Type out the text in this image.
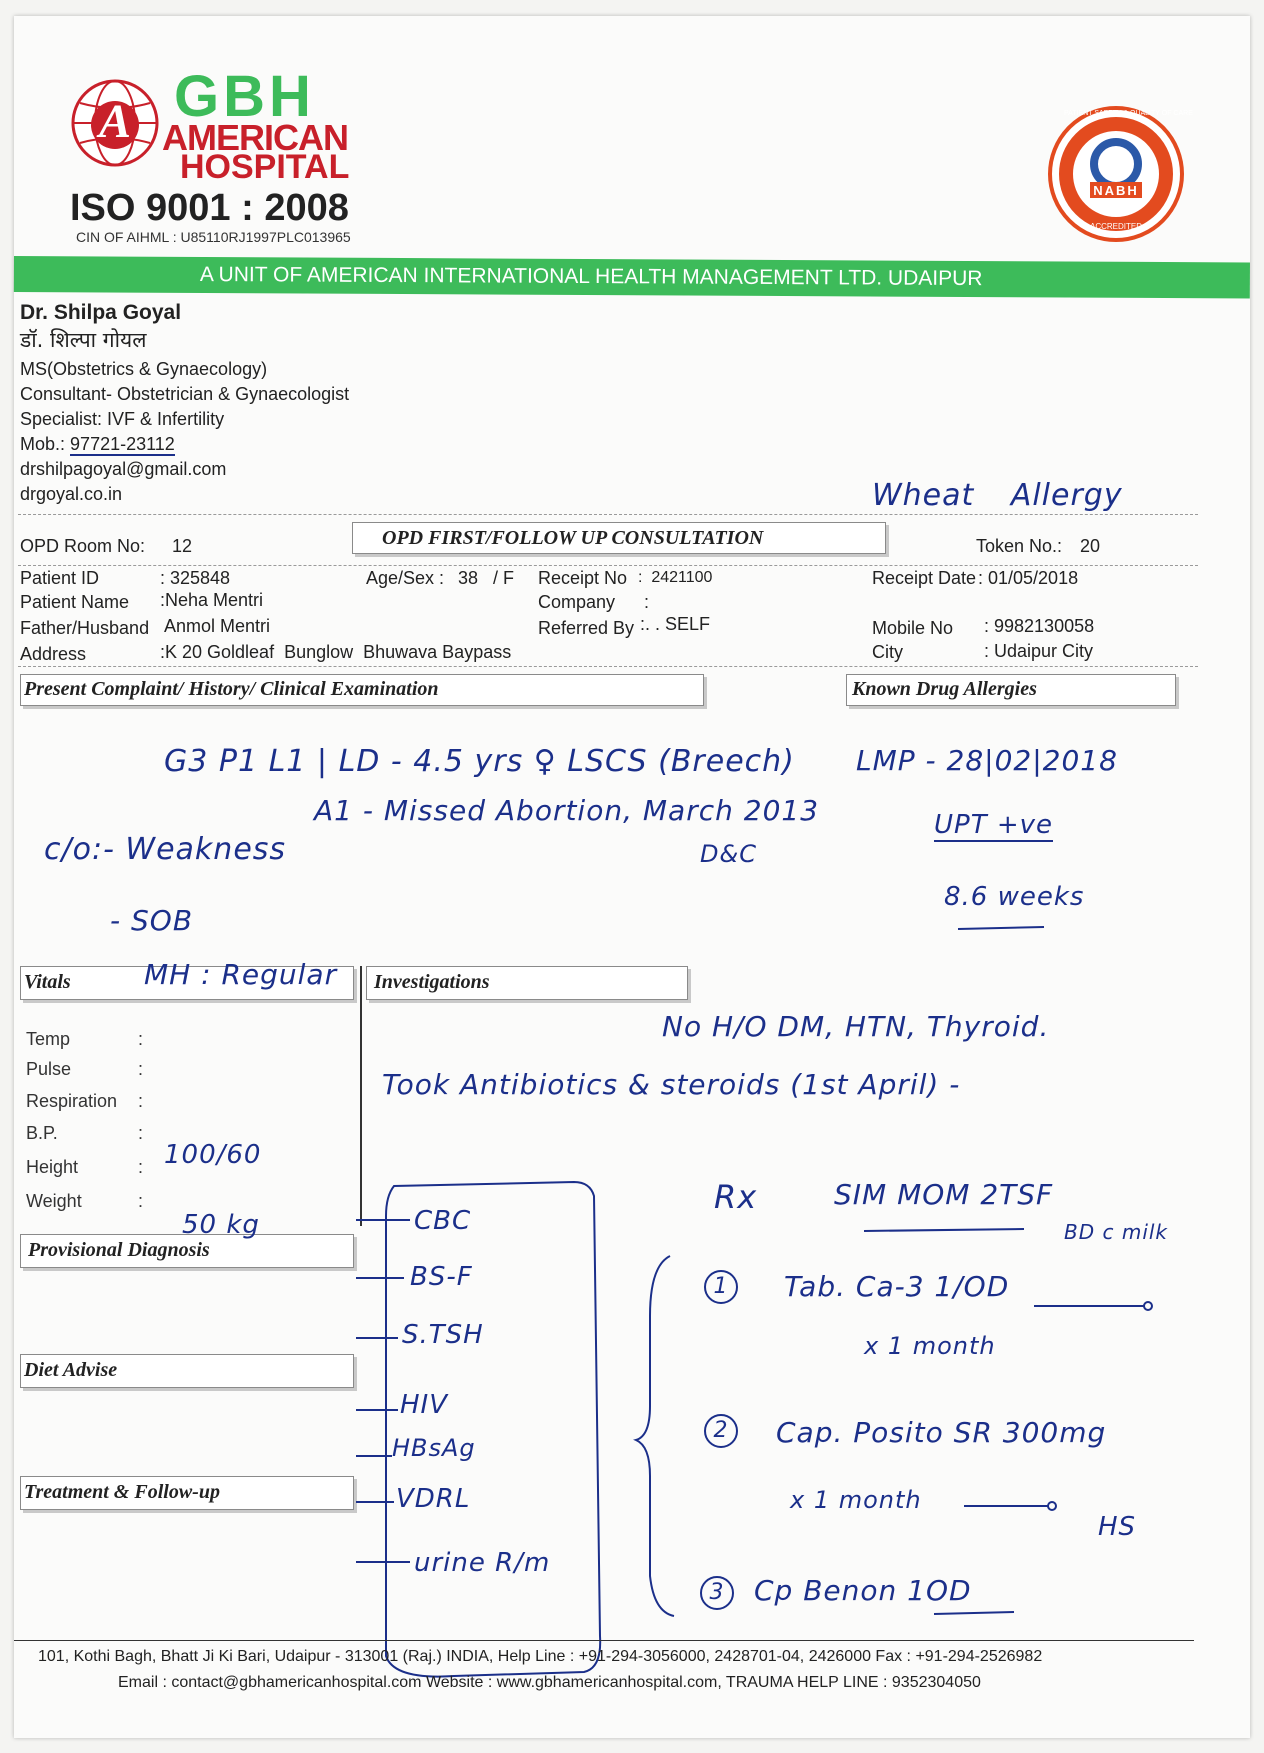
A GBH
AMERICAN
HOSPITAL
ISO 9001 : 2008
CIN OF AIHML : U85110RJ1997PLC013965
NABH
ACCREDITED
PATIENT SAFETY & QUALITY OF CARE
A UNIT OF AMERICAN INTERNATIONAL HEALTH MANAGEMENT LTD. UDAIPUR
Dr. Shilpa Goyal
डॉ. शिल्पा गोयल
MS(Obstetrics & Gynaecology)
Consultant- Obstetrician & Gynaecologist
Specialist: IVF & Infertility
Mob.: 97721-23112
drshilpagoyal@gmail.com
drgoyal.co.in	Wheat Allergy
OPD FIRST/FOLLOW UP CONSULTATION
OPD Room No: 12	Token No.: 20
Patient ID	: 325848
Patient Name :Neha Mentri
Father/Husband Anmol Mentri
Address	:K 20 Goldleaf  Bunglow  Bhuwava Baypass
Age/Sex : 38   / F Receipt No :  2421100
Company :
Referred By :. . SELF
Receipt Date : 01/05/2018
Mobile No : 9982130058
City	: Udaipur City
Present Complaint/ History/ Clinical Examination	Known Drug Allergies
Vitals	Investigations
Temp	:
Pulse	:
Respiration :
B.P.	:
Height	:
Weight	:
Provisional Diagnosis
Diet Advise
Treatment & Follow-up
G3 P1 L1 | LD - 4.5 yrs ♀ LSCS (Breech)
A1 - Missed Abortion, March 2013
D&C
LMP - 28|02|2018
UPT +ve
8.6 weeks
c/o:- Weakness
- SOB
MH : Regular
No H/O DM, HTN, Thyroid.
Took Antibiotics & steroids (1st April) -
100/60
50 kg	CBC
BS-F
S.TSH
HIV
HBsAg
VDRL
urine R/m
Rx	SIM MOM 2TSF
BD c milk
1	Tab. Ca-3 1/OD
x 1 month
2	Cap. Posito SR 300mg
x 1 month
HS
3	Cp Benon 1OD
101, Kothi Bagh, Bhatt Ji Ki Bari, Udaipur - 313001 (Raj.) INDIA, Help Line : +91-294-3056000, 2428701-04, 2426000 Fax : +91-294-2526982
Email : contact@gbhamericanhospital.com Website : www.gbhamericanhospital.com, TRAUMA HELP LINE : 9352304050
